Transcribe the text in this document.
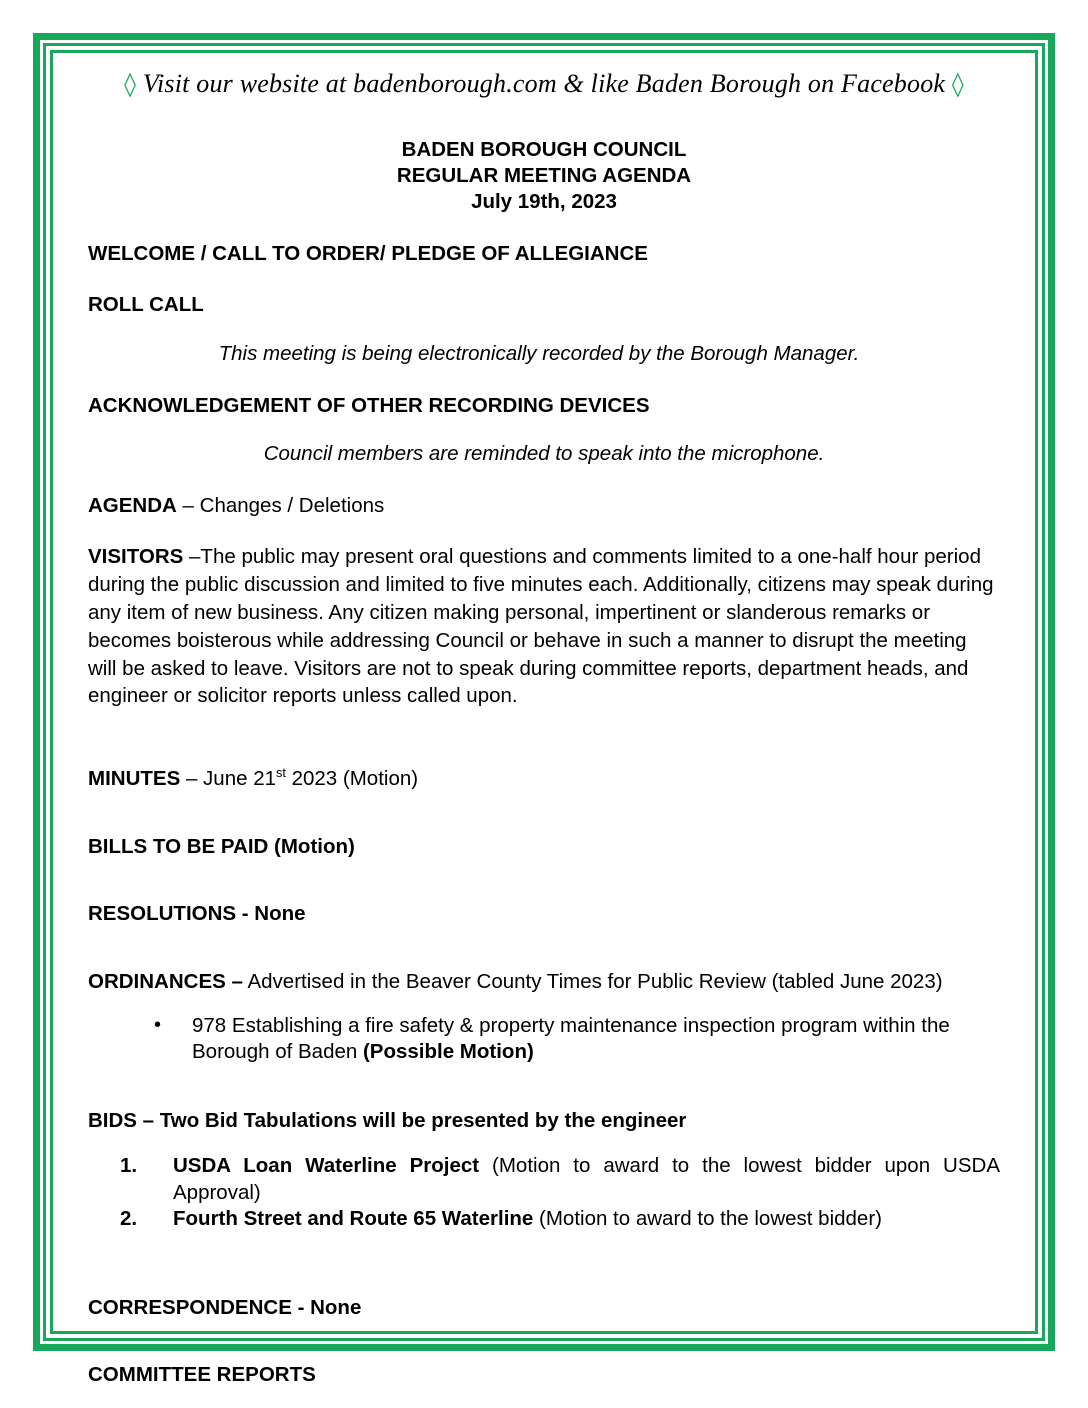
◊ Visit our website at badenborough.com & like Baden Borough on Facebook ◊
BADEN BOROUGH COUNCIL
REGULAR MEETING AGENDA
July 19th, 2023
WELCOME / CALL TO ORDER/ PLEDGE OF ALLEGIANCE
ROLL CALL
This meeting is being electronically recorded by the Borough Manager.
ACKNOWLEDGEMENT OF OTHER RECORDING DEVICES
Council members are reminded to speak into the microphone.
AGENDA – Changes / Deletions
VISITORS –The public may present oral questions and comments limited to a one-half hour period during the public discussion and limited to five minutes each. Additionally, citizens may speak during any item of new business. Any citizen making personal, impertinent or slanderous remarks or becomes boisterous while addressing Council or behave in such a manner to disrupt the meeting will be asked to leave. Visitors are not to speak during committee reports, department heads, and engineer or solicitor reports unless called upon.
MINUTES – June 21st 2023 (Motion)
BILLS TO BE PAID (Motion)
RESOLUTIONS - None
ORDINANCES – Advertised in the Beaver County Times for Public Review (tabled June 2023)
• 978 Establishing a fire safety & property maintenance inspection program within the Borough of Baden (Possible Motion)
BIDS – Two Bid Tabulations will be presented by the engineer
USDA Loan Waterline Project (Motion to award to the lowest bidder upon USDA Approval)
Fourth Street and Route 65 Waterline (Motion to award to the lowest bidder)
CORRESPONDENCE - None
COMMITTEE REPORTS
